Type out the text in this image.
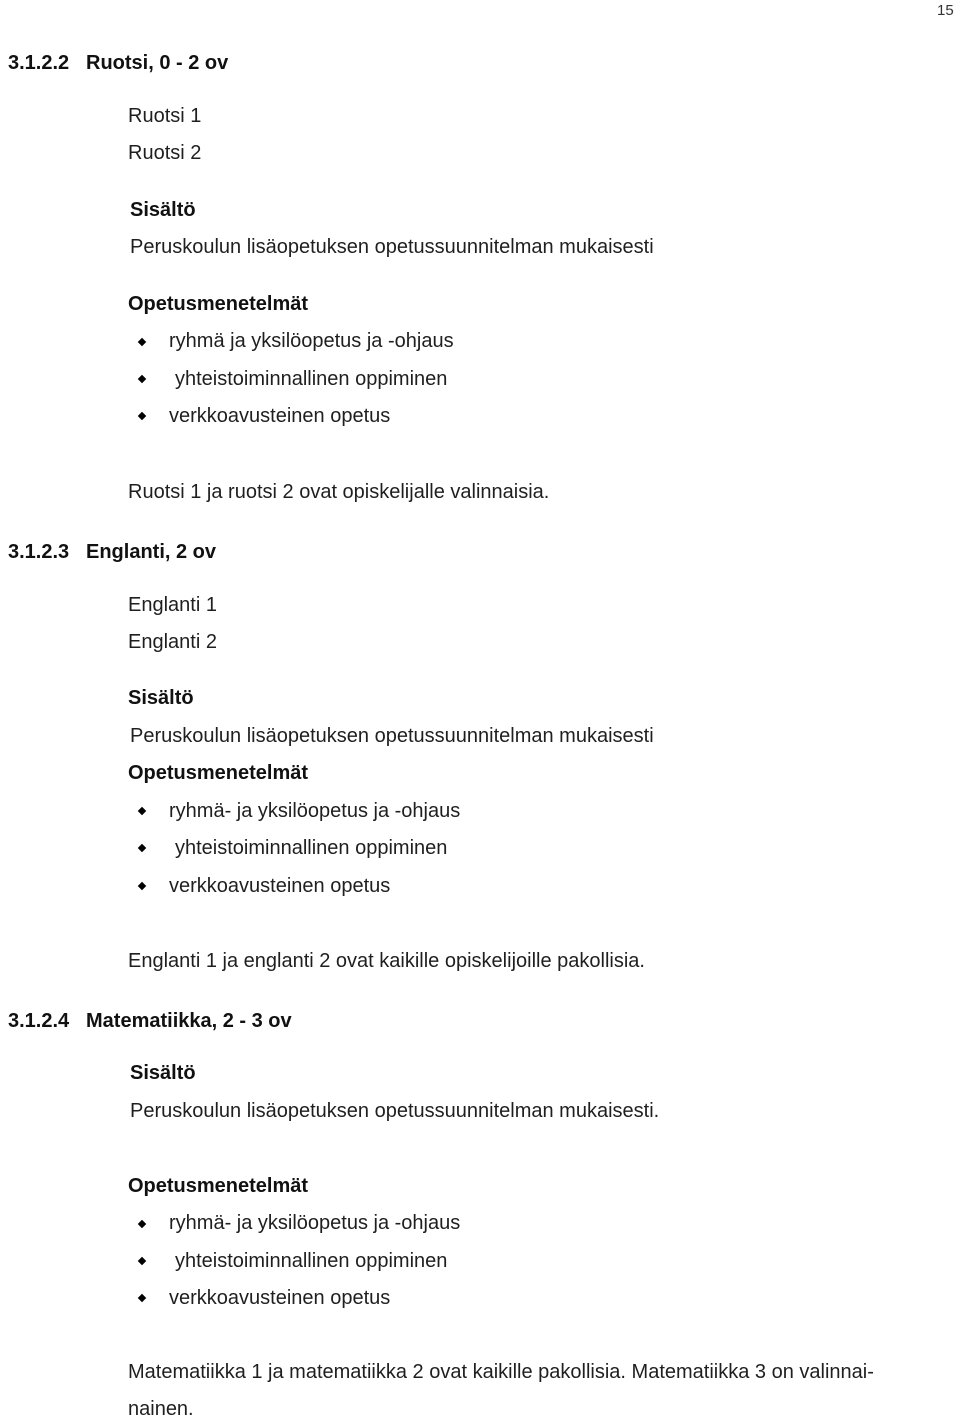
15
3.1.2.2 Ruotsi, 0 - 2 ov
Ruotsi 1
Ruotsi 2
Sisältö
Peruskoulun lisäopetuksen opetussuunnitelman mukaisesti
Opetusmenetelmät
ryhmä ja yksilöopetus ja -ohjaus
yhteistoiminnallinen oppiminen
verkkoavusteinen opetus
Ruotsi 1 ja ruotsi 2 ovat opiskelijalle valinnaisia.
3.1.2.3 Englanti, 2 ov
Englanti 1
Englanti 2
Sisältö
Peruskoulun lisäopetuksen opetussuunnitelman mukaisesti
Opetusmenetelmät
ryhmä- ja yksilöopetus ja -ohjaus
yhteistoiminnallinen oppiminen
verkkoavusteinen opetus
Englanti 1 ja englanti 2 ovat kaikille opiskelijoille pakollisia.
3.1.2.4 Matematiikka, 2 - 3 ov
Sisältö
Peruskoulun lisäopetuksen opetussuunnitelman mukaisesti.
Opetusmenetelmät
ryhmä- ja yksilöopetus ja -ohjaus
yhteistoiminnallinen oppiminen
verkkoavusteinen opetus
Matematiikka 1 ja matematiikka 2 ovat kaikille pakollisia. Matematiikka 3 on valinnai-
nainen.
